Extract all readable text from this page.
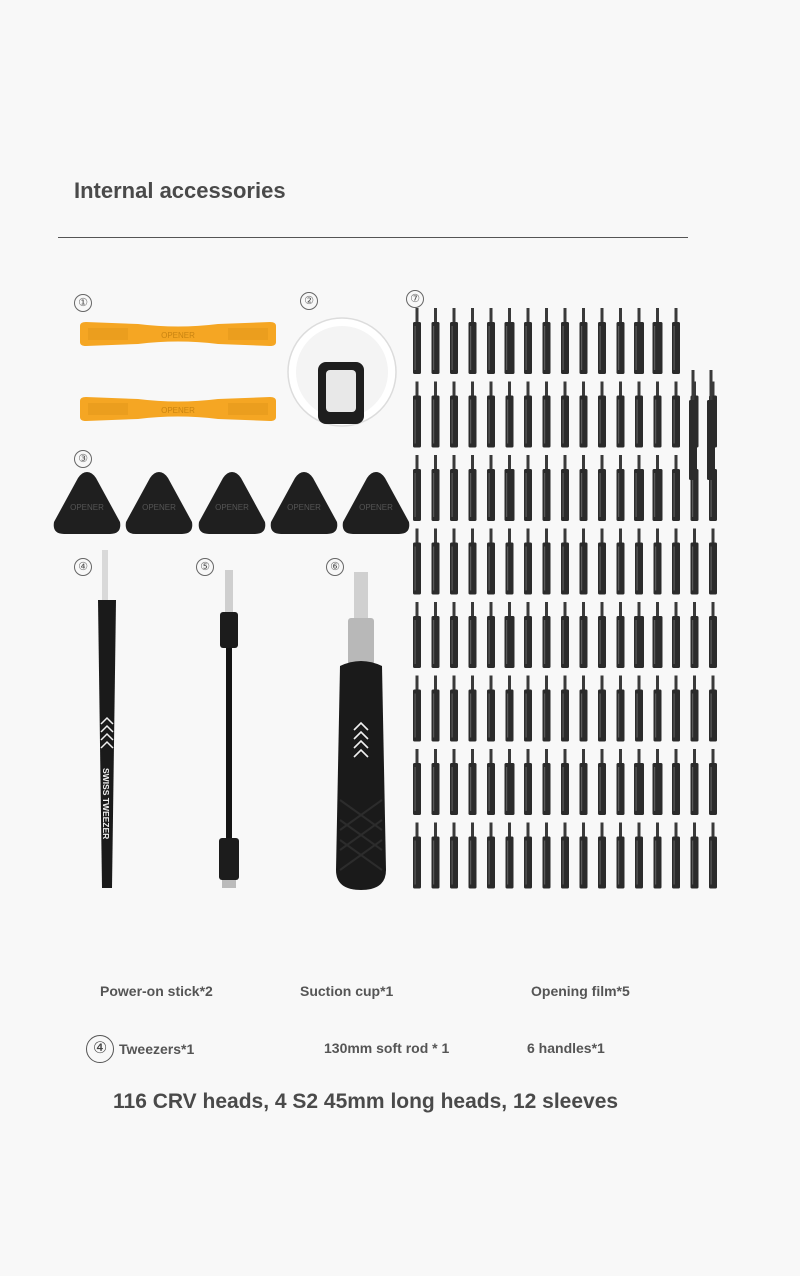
Internal accessories
①	②
③
④	⑤	⑥
⑦
OPENER
OPENER
OPENER	OPENER	OPENER	OPENER	OPENER
SWISS TWEEZER
Power-on stick*2	Suction cup*1	Opening film*5
④ Tweezers*1	130mm soft rod * 1	6 handles*1
116 CRV heads, 4 S2 45mm long heads, 12 sleeves
